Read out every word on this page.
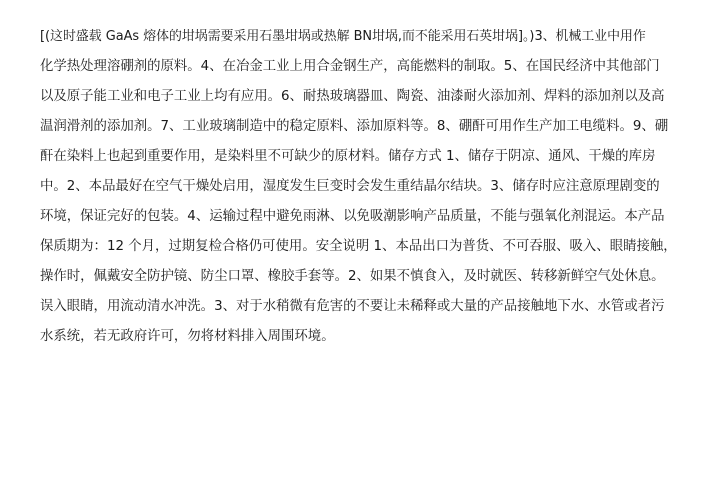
[(这时盛载 GaAs 熔体的坩埚需要采用石墨坩埚或热解 BN坩埚,而不能采用石英坩埚]。)3、机械工业中用作
化学热处理溶硼剂的原料。4、在冶金工业上用合金钢生产，高能燃料的制取。5、在国民经济中其他部门
以及原子能工业和电子工业上均有应用。6、耐热玻璃器皿、陶瓷、油漆耐火添加剂、焊料的添加剂以及高
温润滑剂的添加剂。7、工业玻璃制造中的稳定原料、添加原料等。8、硼酐可用作生产加工电缆料。9、硼
酐在染料上也起到重要作用，是染料里不可缺少的原材料。储存方式 1、储存于阴凉、通风、干燥的库房
中。2、本品最好在空气干燥处启用，湿度发生巨变时会发生重结晶尔结块。3、储存时应注意原理剧变的
环境，保证完好的包装。4、运输过程中避免雨淋、以免吸潮影响产品质量，不能与强氧化剂混运。本产品
保质期为：12 个月，过期复检合格仍可使用。安全说明 1、本品出口为普货、不可吞服、吸入、眼睛接触，
操作时，佩戴安全防护镜、防尘口罩、橡胶手套等。2、如果不慎食入，及时就医、转移新鲜空气处休息。
误入眼睛，用流动清水冲洗。3、对于水稍微有危害的不要让未稀释或大量的产品接触地下水、水管或者污
水系统，若无政府许可，勿将材料排入周围环境。
